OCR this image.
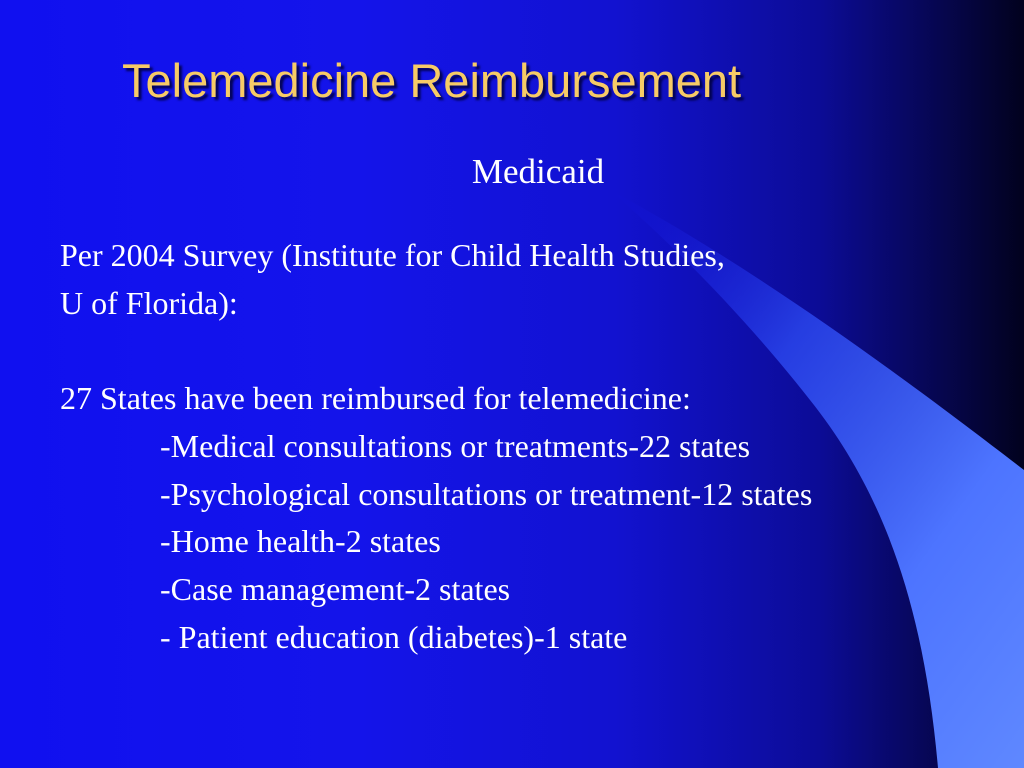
Telemedicine Reimbursement
Medicaid

Per 2004 Survey (Institute for Child Health Studies,

U of Florida):

27 States have been reimbursed for telemedicine:

-Medical consultations or treatments-22 states

-Psychological consultations or treatment-12 states

-Home health-2 states

-Case management-2 states

- Patient education (diabetes)-1 state
